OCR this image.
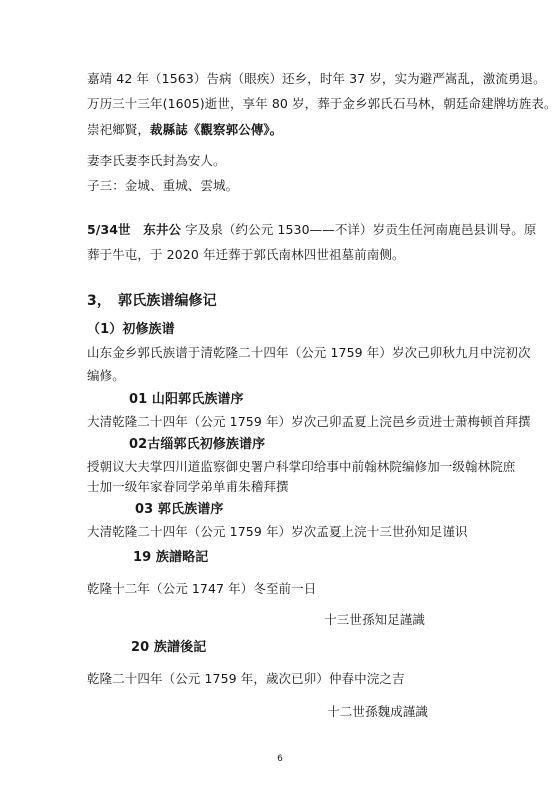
嘉靖 42 年（1563）告病（眼疾）还乡，时年 37 岁，实为避严嵩乱，激流勇退。
万历三十三年(1605)逝世，享年 80 岁，葬于金乡郭氏石马林，朝廷命建牌坊旌表。
崇祀鄉賢，裁縣誌《觀察郭公傳》。
妻李氏妻李氏封為安人。
子三：金城、重城、雲城。
5/34世　东井公 字及泉（约公元 1530——不详）岁贡生任河南鹿邑县训导。原
葬于牛屯，于 2020 年迁葬于郭氏南林四世祖墓前南侧。
3，　郭氏族谱编修记
（1）初修族谱
山东金乡郭氏族谱于清乾隆二十四年（公元 1759 年）岁次己卯秋九月中浣初次
编修。
01 山阳郭氏族谱序
大清乾隆二十四年（公元 1759 年）岁次己卯孟夏上浣邑乡贡进士萧梅顿首拜撰
02古缁郭氏初修族谱序
授朝议大夫掌四川道监察御史署户科掌印给事中前翰林院编修加一级翰林院庶
士加一级年家眷同学弟单甫朱稽拜撰
03 郭氏族谱序
大清乾隆二十四年（公元 1759 年）岁次孟夏上浣十三世孙知足谨识
19 族譜略記
乾隆十二年（公元 1747 年）冬至前一日
十三世孫知足謹識
20 族譜後記
乾隆二十四年（公元 1759 年，歲次已卯）仲春中浣之吉
十二世孫魏成謹識
6
